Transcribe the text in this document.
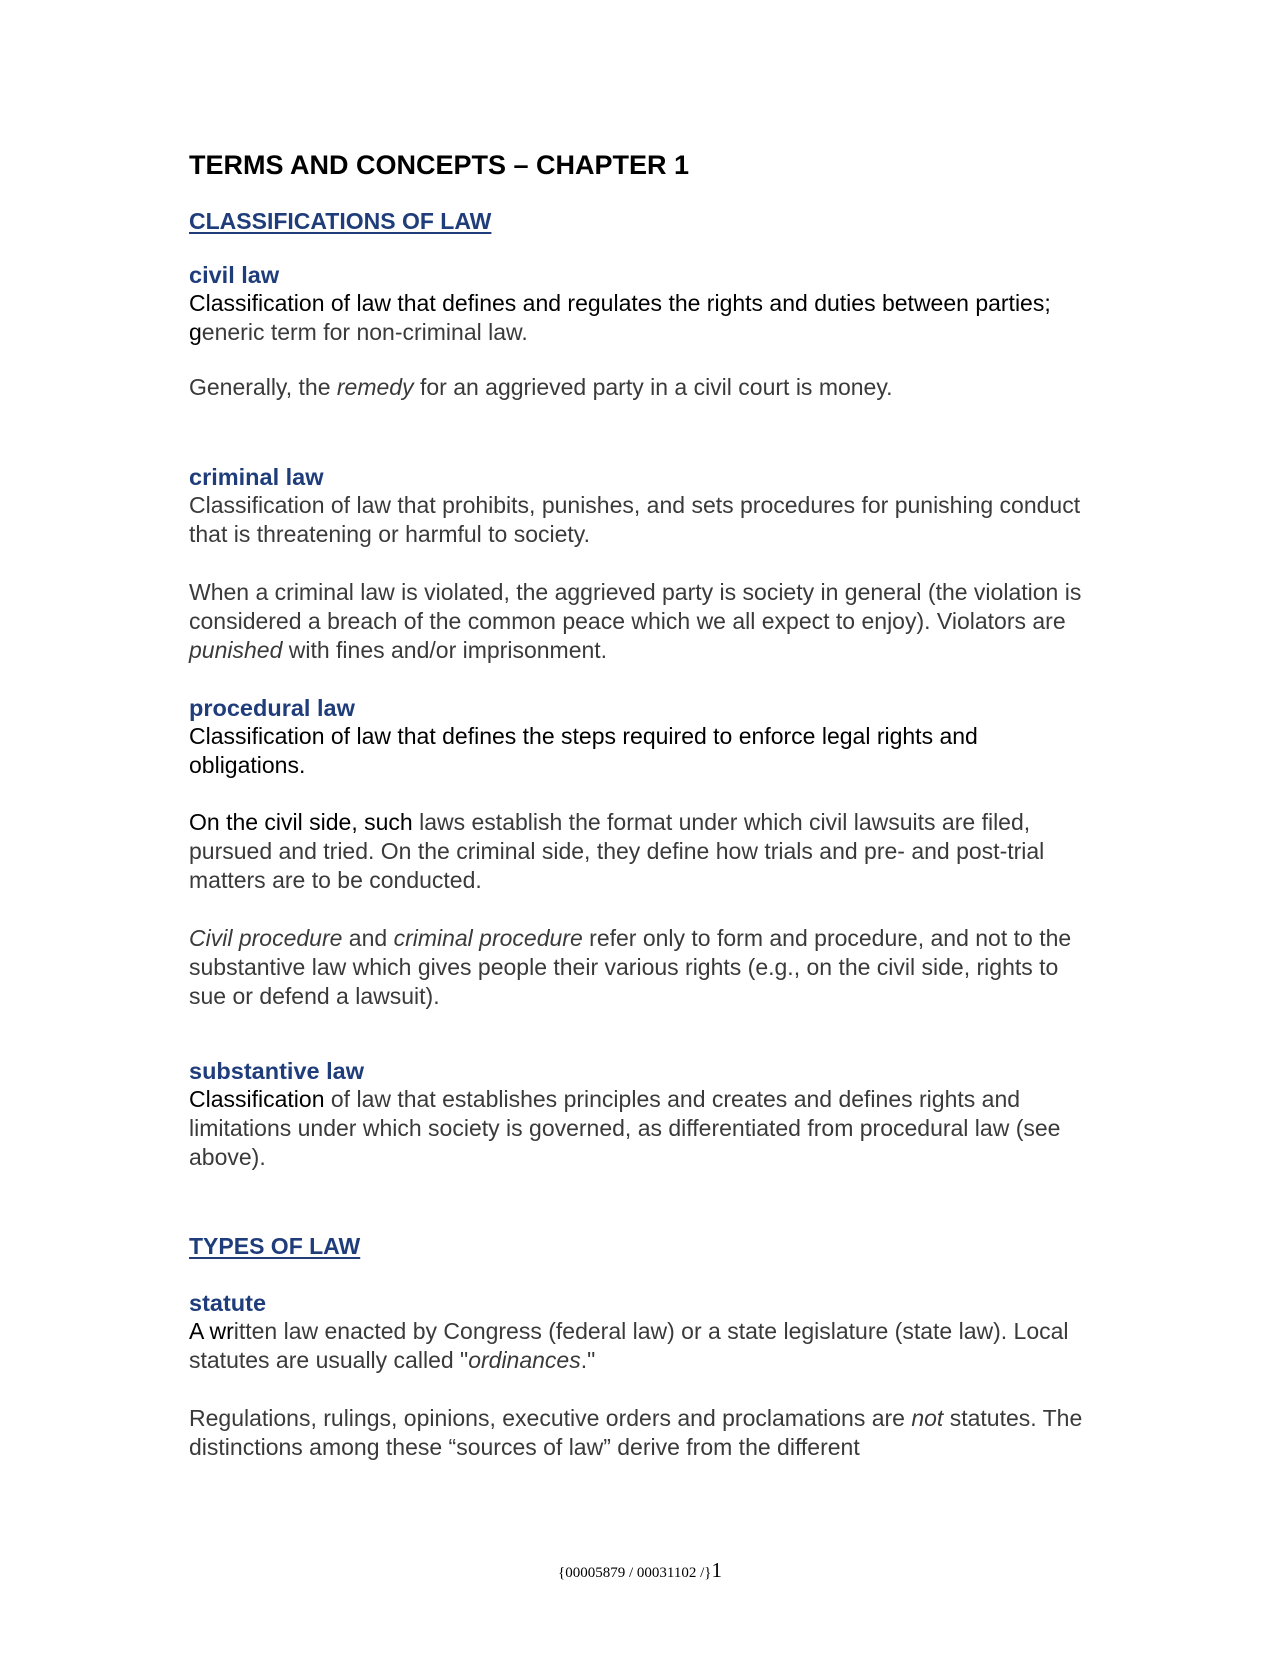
TERMS AND CONCEPTS – CHAPTER 1
CLASSIFICATIONS OF LAW
civil law

Classification of law that defines and regulates the rights and duties between parties; generic term for non-criminal law.

Generally, the remedy for an aggrieved party in a civil court is money.

criminal law

Classification of law that prohibits, punishes, and sets procedures for punishing conduct that is threatening or harmful to society.

When a criminal law is violated, the aggrieved party is society in general (the violation is considered a breach of the common peace which we all expect to enjoy). Violators are punished with fines and/or imprisonment.

procedural law

Classification of law that defines the steps required to enforce legal rights and obligations.

On the civil side, such laws establish the format under which civil lawsuits are filed, pursued and tried. On the criminal side, they define how trials and pre- and post-trial matters are to be conducted.

Civil procedure and criminal procedure refer only to form and procedure, and not to the substantive law which gives people their various rights (e.g., on the civil side, rights to sue or defend a lawsuit).

substantive law

Classification of law that establishes principles and creates and defines rights and limitations under which society is governed, as differentiated from procedural law (see above).

TYPES OF LAW
statute

A written law enacted by Congress (federal law) or a state legislature (state law). Local statutes are usually called "ordinances."

Regulations, rulings, opinions, executive orders and proclamations are not statutes. The distinctions among these “sources of law” derive from the different

{00005879 / 00031102 /}1
